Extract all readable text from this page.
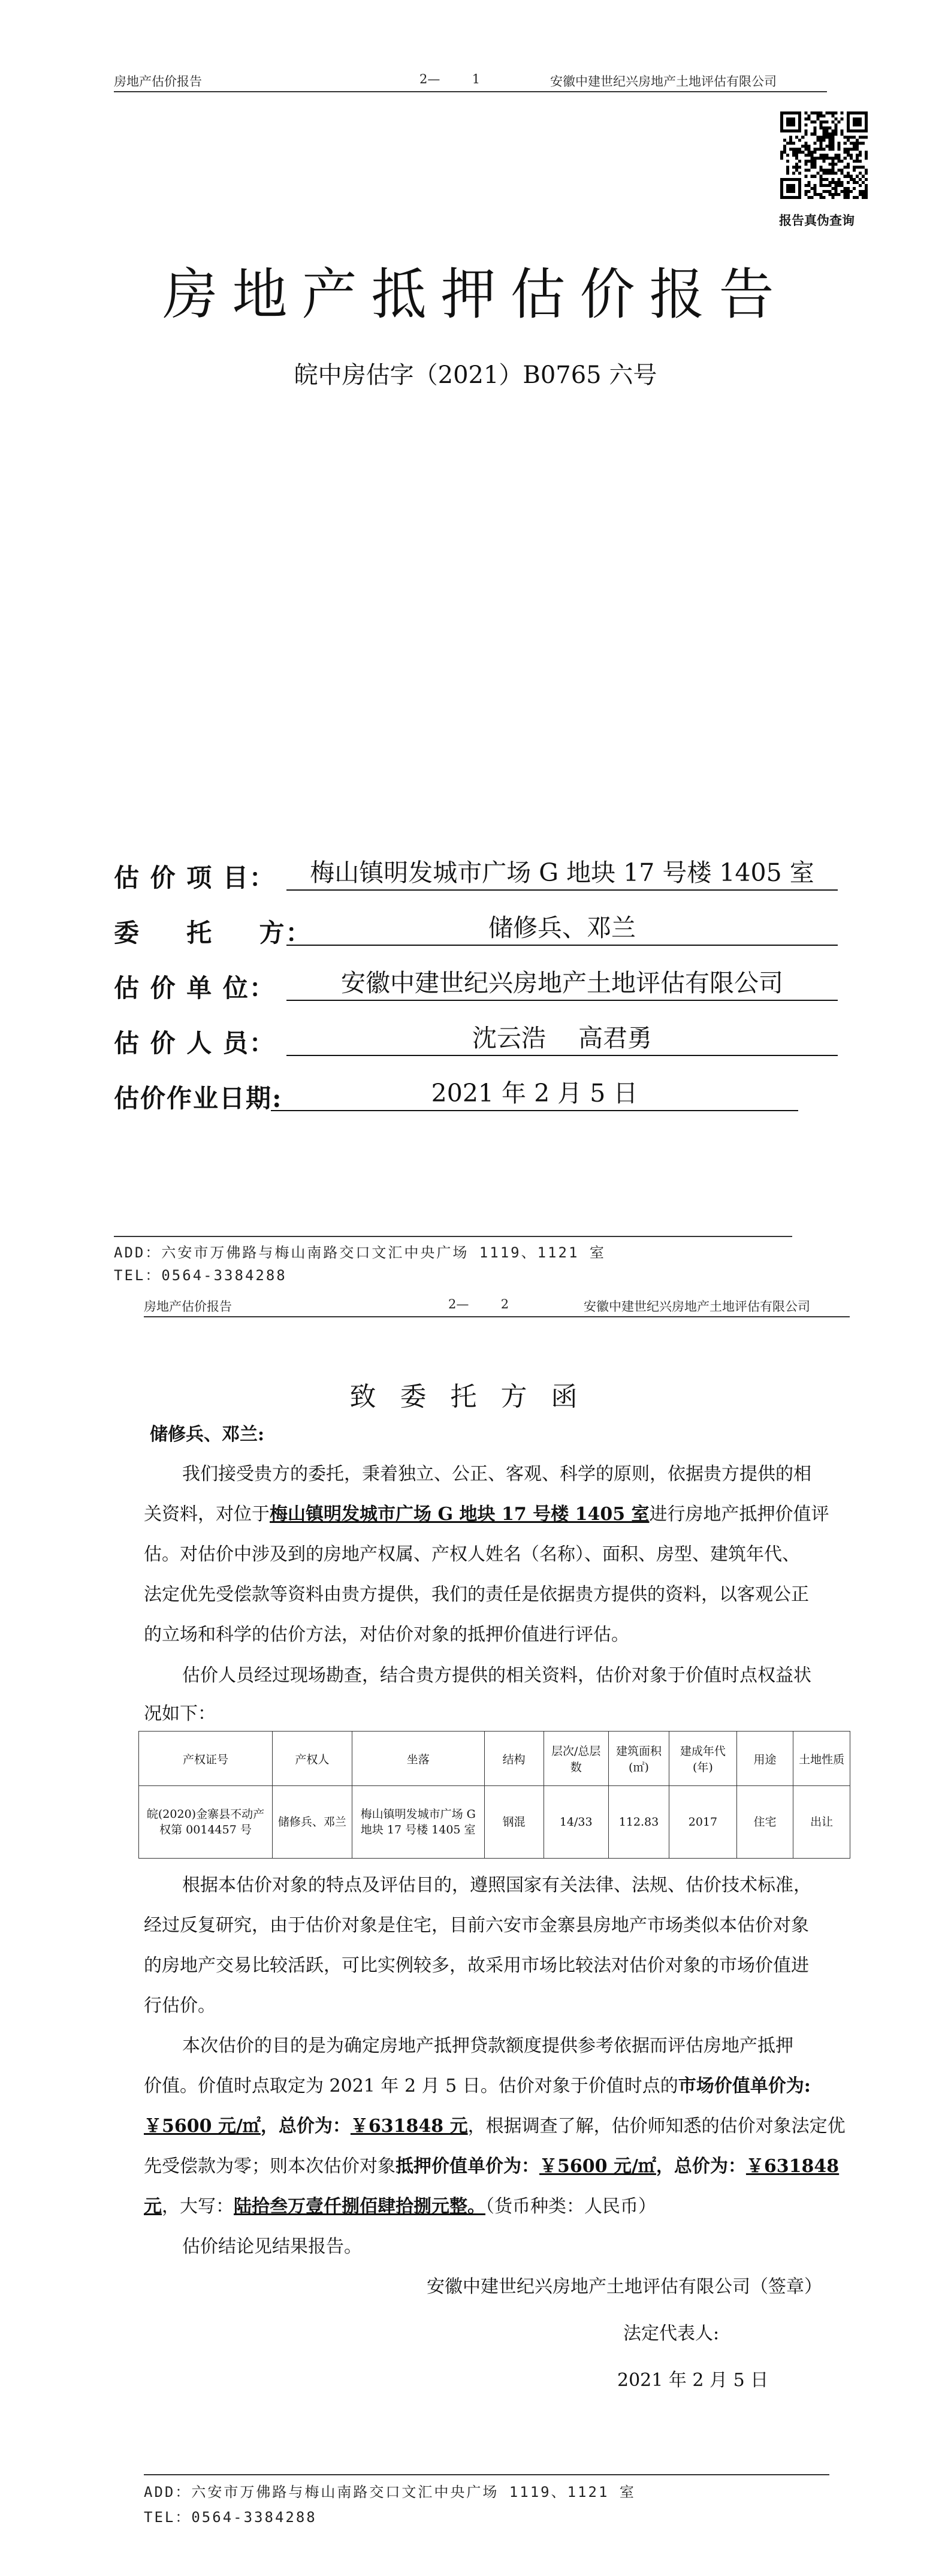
房地产估价报告	2—        1	安徽中建世纪兴房地产土地评估有限公司
报告真伪查询
房地产抵押估价报告
皖中房估字（2021）B0765 六号
估 价 项 目：	梅山镇明发城市广场 G 地块 17 号楼 1405 室
委　  托　  方：	储修兵、邓兰
估 价 单 位：	安徽中建世纪兴房地产土地评估有限公司
估 价 人 员：	沈云浩　 高君勇
估价作业日期:	2021 年 2 月 5 日
ADD：六安市万佛路与梅山南路交口文汇中央广场 1119、1121 室
TEL：0564-3384288
房地产估价报告	2—        2	安徽中建世纪兴房地产土地评估有限公司
致委托方函
储修兵、邓兰:
我们接受贵方的委托，秉着独立、公正、客观、科学的原则，依据贵方提供的相
关资料，对位于梅山镇明发城市广场 G 地块 17 号楼 1405 室进行房地产抵押价值评
估。对估价中涉及到的房地产权属、产权人姓名（名称）、面积、房型、建筑年代、
法定优先受偿款等资料由贵方提供，我们的责任是依据贵方提供的资料，以客观公正
的立场和科学的估价方法，对估价对象的抵押价值进行评估。
估价人员经过现场勘查，结合贵方提供的相关资料，估价对象于价值时点权益状
况如下：
产权证号	产权人	坐落	结构	层次/总层数	建筑面积(㎡)	建成年代(年)	用途	土地性质
皖(2020)金寨县不动产权第 0014457 号	储修兵、邓兰	梅山镇明发城市广场 G 地块 17 号楼 1405 室	钢混	14/33	112.83	2017	住宅	出让
根据本估价对象的特点及评估目的，遵照国家有关法律、法规、估价技术标准，
经过反复研究，由于估价对象是住宅，目前六安市金寨县房地产市场类似本估价对象
的房地产交易比较活跃，可比实例较多，故采用市场比较法对估价对象的市场价值进
行估价。
本次估价的目的是为确定房地产抵押贷款额度提供参考依据而评估房地产抵押
价值。价值时点取定为 2021 年 2 月 5 日。估价对象于价值时点的市场价值单价为:
￥5600 元/㎡，总价为：￥631848 元，根据调查了解，估价师知悉的估价对象法定优
先受偿款为零；则本次估价对象抵押价值单价为：￥5600 元/㎡，总价为：￥631848
元，大写：陆拾叁万壹仟捌佰肆拾捌元整。（货币种类：人民币）
估价结论见结果报告。
安徽中建世纪兴房地产土地评估有限公司（签章）
法定代表人:
2021 年 2 月 5 日
ADD：六安市万佛路与梅山南路交口文汇中央广场 1119、1121 室
TEL：0564-3384288
